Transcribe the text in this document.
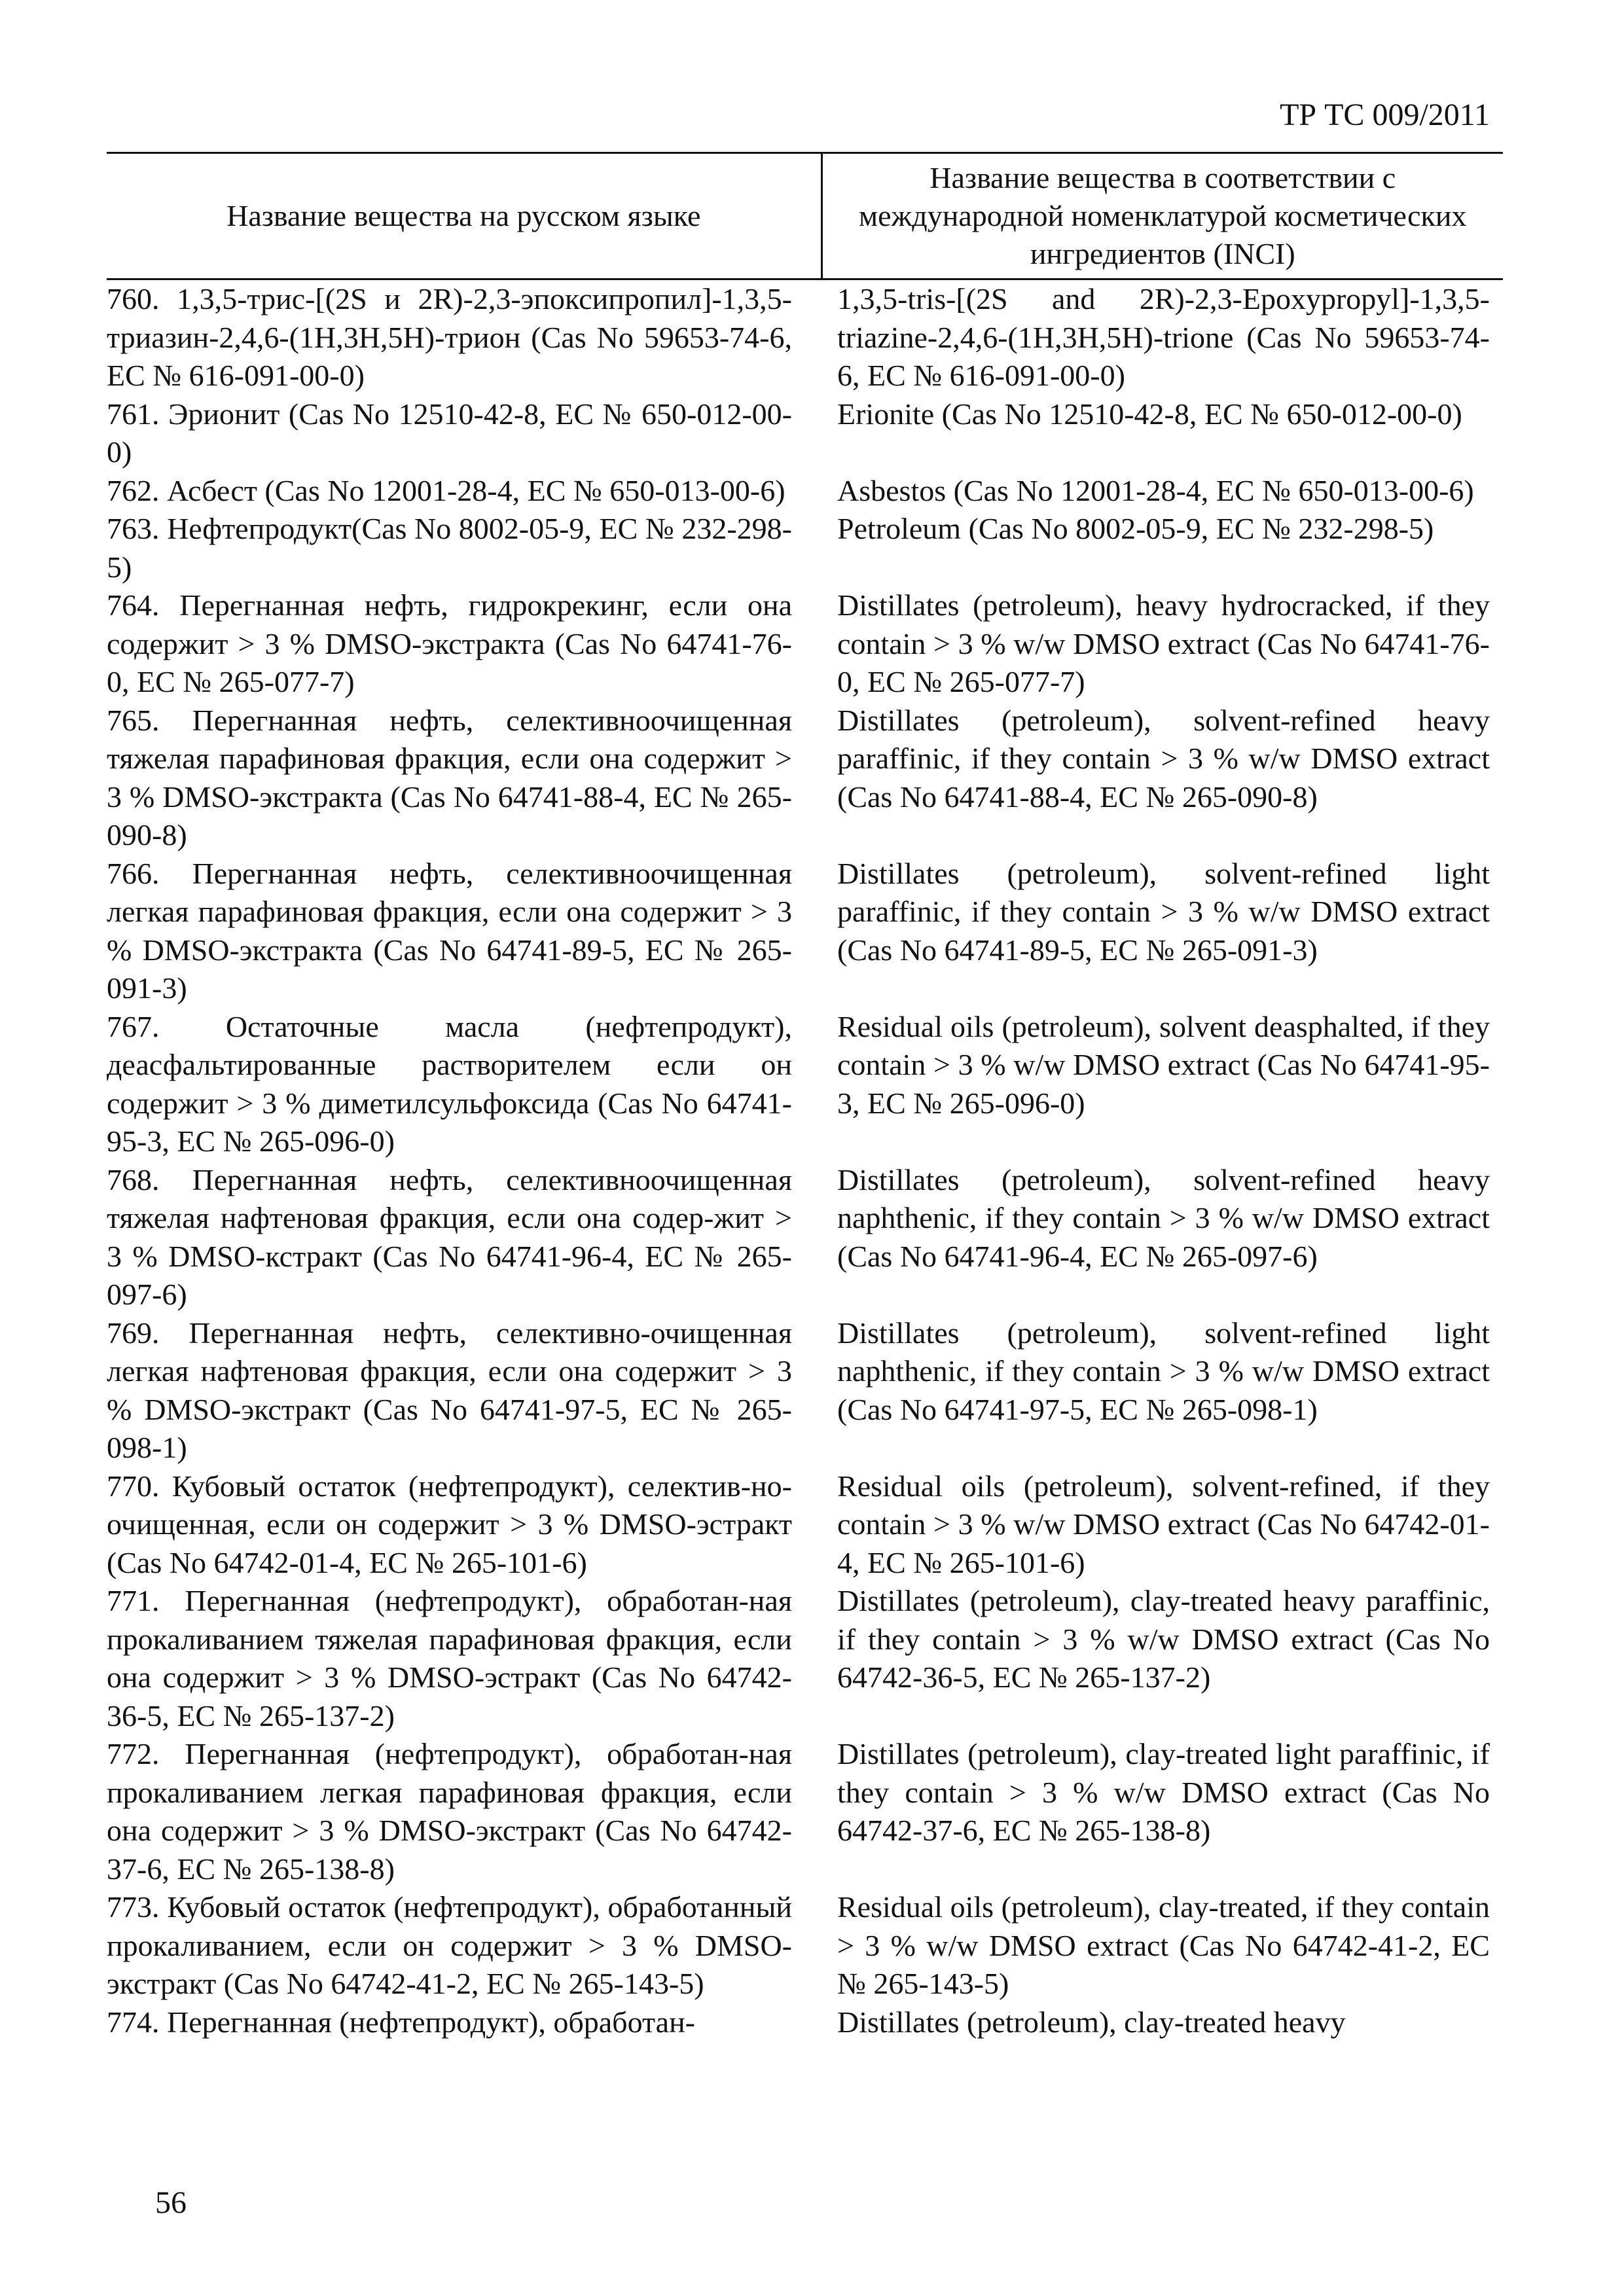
ТР ТС 009/2011
Название вещества на русском языке	Название вещества в соответствии с международной номенклатурой косметических ингредиентов (INCI)
760. 1,3,5-трис-[(2S и 2R)-2,3-эпоксипропил]-1,3,5-триазин-2,4,6-(1H,3H,5H)-трион (Cas No 59653-74-6, ЕС № 616-091-00-0)	1,3,5-tris-[(2S and 2R)-2,3-Epoxypropyl]-1,3,5-triazine-2,4,6-(1H,3H,5H)-trione (Cas No 59653-74-6, ЕС № 616-091-00-0)
761. Эрионит (Cas No 12510-42-8, ЕС № 650-012-00-0)	Erionite (Cas No 12510-42-8, ЕС № 650-012-00-0)
762. Асбест (Cas No 12001-28-4, ЕС № 650-013-00-6)	Asbestos (Cas No 12001-28-4, ЕС № 650-013-00-6)
763. Нефтепродукт(Cas No 8002-05-9, ЕС № 232-298-5)	Petroleum (Cas No 8002-05-9, ЕС № 232-298-5)
764. Перегнанная нефть, гидрокрекинг, если она содержит > 3 % DMSO-экстракта (Cas No 64741-76-0, ЕС № 265-077-7)	Distillates (petroleum), heavy hydrocracked, if they contain > 3 % w/w DMSO extract (Cas No 64741-76-0, ЕС № 265-077-7)
765. Перегнанная нефть, селективноочищенная тяжелая парафиновая фракция, если она содержит > 3 % DMSO-экстракта (Cas No 64741-88-4, ЕС № 265-090-8)	Distillates (petroleum), solvent-refined heavy paraffinic, if they contain > 3 % w/w DMSO extract (Cas No 64741-88-4, ЕС № 265-090-8)
766. Перегнанная нефть, селективноочищенная легкая парафиновая фракция, если она содержит > 3 % DMSO-экстракта (Cas No 64741-89-5, ЕС № 265-091-3)	Distillates (petroleum), solvent-refined light paraffinic, if they contain > 3 % w/w DMSO extract (Cas No 64741-89-5, ЕС № 265-091-3)
767. Остаточные масла (нефтепродукт), деасфальтированные растворителем если он содержит > 3 % диметилсульфоксида (Cas No 64741-95-3, ЕС № 265-096-0)	Residual oils (petroleum), solvent deasphalted, if they contain > 3 % w/w DMSO extract (Cas No 64741-95-3, ЕС № 265-096-0)
768. Перегнанная нефть, селективноочищенная тяжелая нафтеновая фракция, если она содер-жит > 3 % DMSO-кстракт (Cas No 64741-96-4, ЕС № 265-097-6)	Distillates (petroleum), solvent-refined heavy naphthenic, if they contain > 3 % w/w DMSO extract (Cas No 64741-96-4, ЕС № 265-097-6)
769. Перегнанная нефть, селективно-очищенная легкая нафтеновая фракция, если она содержит > 3 % DMSO-экстракт (Cas No 64741-97-5, ЕС № 265-098-1)	Distillates (petroleum), solvent-refined light naphthenic, if they contain > 3 % w/w DMSO extract (Cas No 64741-97-5, ЕС № 265-098-1)
770. Кубовый остаток (нефтепродукт), селектив-но-очищенная, если он содержит > 3 % DMSO-эстракт (Cas No 64742-01-4, ЕС № 265-101-6)	Residual oils (petroleum), solvent-refined, if they contain > 3 % w/w DMSO extract (Cas No 64742-01-4, ЕС № 265-101-6)
771. Перегнанная (нефтепродукт), обработан-ная прокаливанием тяжелая парафиновая фракция, если она содержит > 3 % DMSO-эстракт (Cas No 64742-36-5, ЕС № 265-137-2)	Distillates (petroleum), clay-treated heavy paraffinic, if they contain > 3 % w/w DMSO extract (Cas No 64742-36-5, ЕС № 265-137-2)
772. Перегнанная (нефтепродукт), обработан-ная прокаливанием легкая парафиновая фракция, если она содержит > 3 % DMSO-экстракт (Cas No 64742-37-6, ЕС № 265-138-8)	Distillates (petroleum), clay-treated light paraffinic, if they contain > 3 % w/w DMSO extract (Cas No 64742-37-6, ЕС № 265-138-8)
773. Кубовый остаток (нефтепродукт), обработанный прокаливанием, если он содержит > 3 % DMSO-экстракт (Cas No 64742-41-2, ЕС № 265-143-5)	Residual oils (petroleum), clay-treated, if they contain > 3 % w/w DMSO extract (Cas No 64742-41-2, ЕС № 265-143-5)
774. Перегнанная (нефтепродукт), обработан-	Distillates (petroleum), clay-treated heavy
56
